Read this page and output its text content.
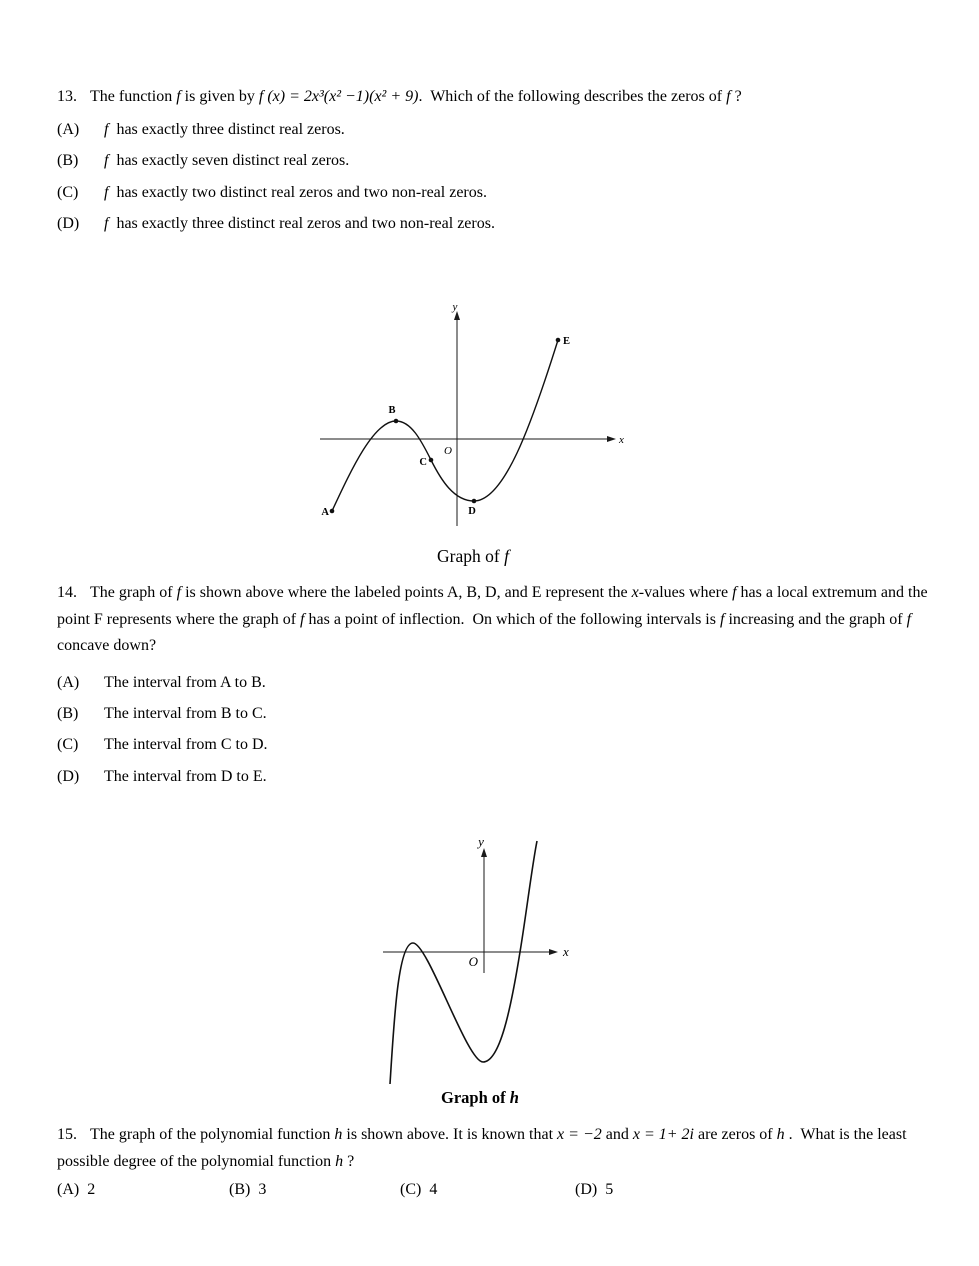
13. The function f is given by f (x) = 2x³(x² −1)(x² + 9).  Which of the following describes the zeros of f ?

(A) f  has exactly three distinct real zeros.
(B) f  has exactly seven distinct real zeros.
(C) f  has exactly two distinct real zeros and two non-real zeros.
(D) f  has exactly three distinct real zeros and two non-real zeros.
y
x
O
A
B
C
D
E
Graph of f

14. The graph of f is shown above where the labeled points A, B, D, and E represent the x-values where f has a local extremum and the point F represents where the graph of f has a point of inflection.  On which of the following intervals is f increasing and the graph of f concave down?

(A) The interval from A to B.
(B) The interval from B to C.
(C) The interval from C to D.
(D) The interval from D to E.
y
x
O
Graph of h

15. The graph of the polynomial function h is shown above. It is known that x = −2 and x = 1+ 2i are zeros of h .  What is the least possible degree of the polynomial function h ?

(A) 2	(B) 3	(C) 4	(D) 5
